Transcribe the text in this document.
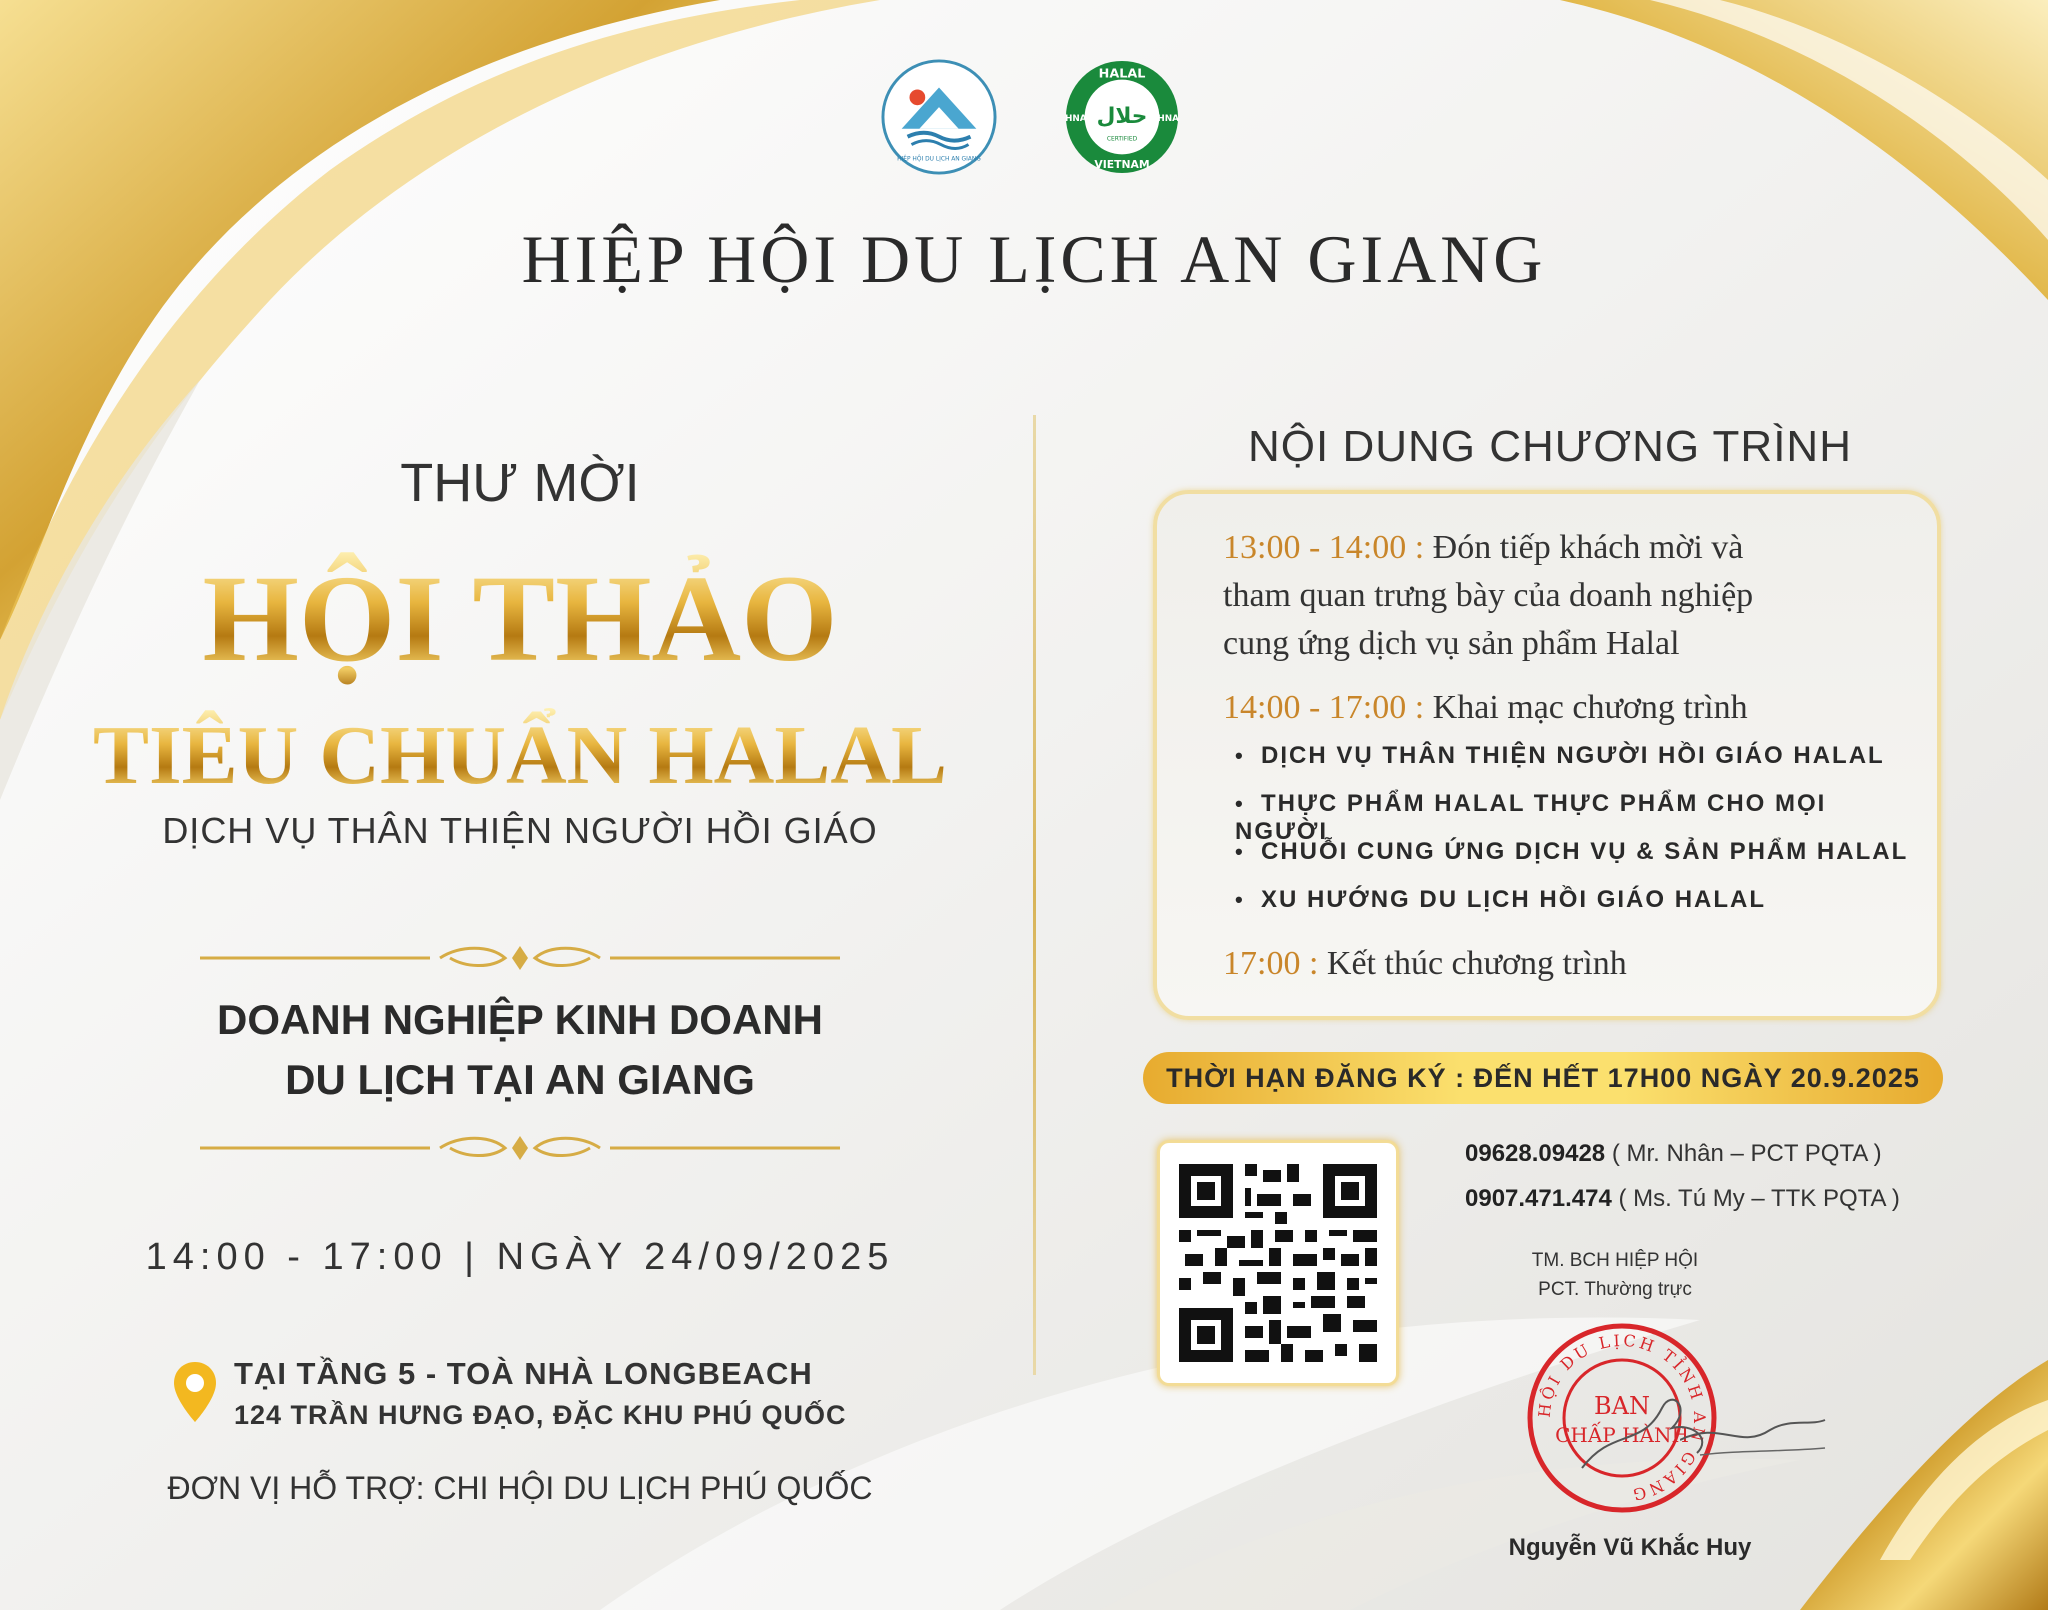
HIỆP HỘI DU LỊCH AN GIANG
HALAL
VIETNAM
HNA	HNA
حلال
CERTIFIED
HIỆP HỘI DU LỊCH AN GIANG
THƯ MỜI
HỘI THẢO
TIÊU CHUẨN HALAL
DỊCH VỤ THÂN THIỆN NGƯỜI HỒI GIÁO
DOANH NGHIỆP KINH DOANH
DU LỊCH TẠI AN GIANG
14:00 - 17:00 | NGÀY 24/09/2025
TẠI TẦNG 5 - TOÀ NHÀ LONGBEACH
124 TRẦN HƯNG ĐẠO, ĐẶC KHU PHÚ QUỐC
ĐƠN VỊ HỖ TRỢ: CHI HỘI DU LỊCH PHÚ QUỐC
NỘI DUNG CHƯƠNG TRÌNH
13:00 - 14:00 : Đón tiếp khách mời và
tham quan trưng bày của doanh nghiệp
cung ứng dịch vụ sản phẩm Halal
14:00 - 17:00 : Khai mạc chương trình
• DỊCH VỤ THÂN THIỆN NGƯỜI HỒI GIÁO HALAL
• THỰC PHẨM HALAL THỰC PHẨM CHO MỌI NGƯỜI
• CHUỖI CUNG ỨNG DỊCH VỤ & SẢN PHẨM HALAL
• XU HƯỚNG DU LỊCH HỒI GIÁO HALAL
17:00 : Kết thúc chương trình
THỜI HẠN ĐĂNG KÝ : ĐẾN HẾT 17H00 NGÀY 20.9.2025
09628.09428 ( Mr. Nhân – PCT PQTA )
0907.471.474 ( Ms. Tú My – TTK PQTA )
TM. BCH HIỆP HỘI
PCT. Thường trực
HỘI DU LỊCH TỈNH AN GIANG
BAN
CHẤP HÀNH
Nguyễn Vũ Khắc Huy
